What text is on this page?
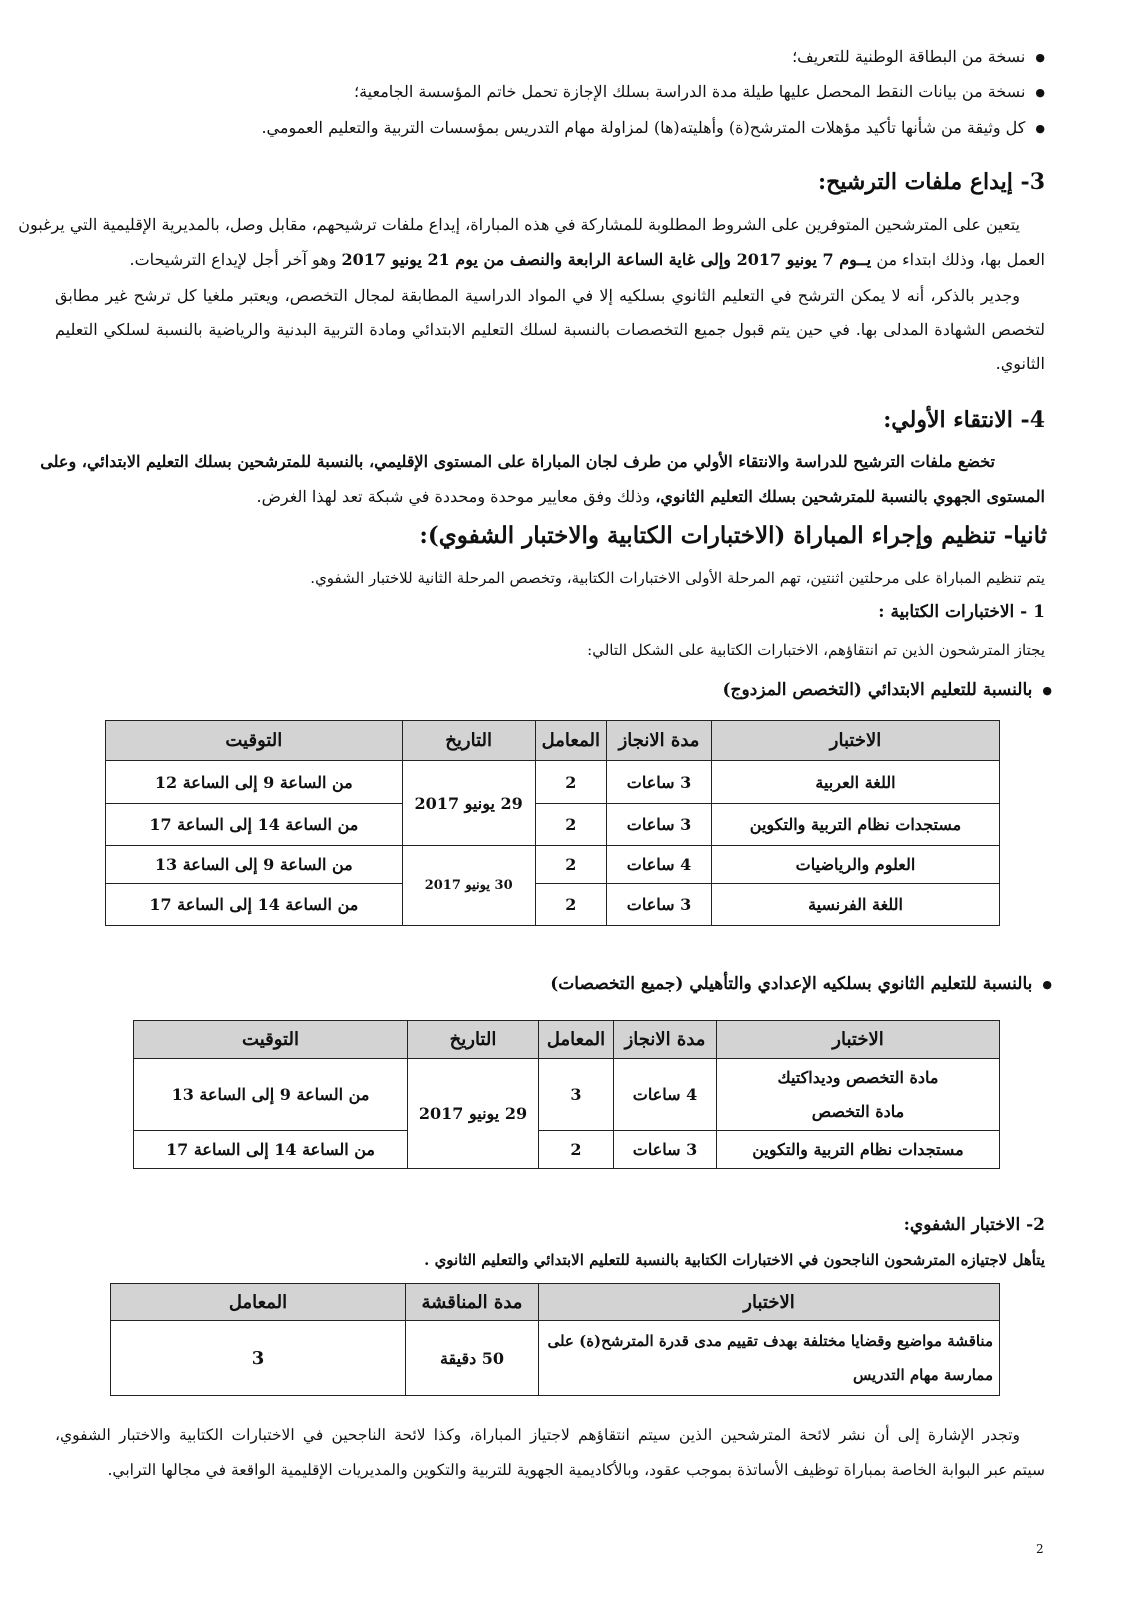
● نسخة من البطاقة الوطنية للتعريف؛
● نسخة من بيانات النقط المحصل عليها طيلة مدة الدراسة بسلك الإجازة تحمل خاتم المؤسسة الجامعية؛
● كل وثيقة من شأنها تأكيد مؤهلات المترشح(ة) وأهليته(ها) لمزاولة مهام التدريس بمؤسسات التربية والتعليم العمومي.
3- إيداع ملفات الترشيح:
يتعين على المترشحين المتوفرين على الشروط المطلوبة للمشاركة في هذه المباراة، إيداع ملفات ترشيحهم، مقابل وصل، بالمديرية الإقليمية التي يرغبون
العمل بها، وذلك ابتداء من يــوم 7 يونيو 2017 وإلى غاية الساعة الرابعة والنصف من يوم 21 يونيو 2017 وهو آخر أجل لإيداع الترشيحات.
وجدير بالذكر، أنه لا يمكن الترشح في التعليم الثانوي بسلكيه إلا في المواد الدراسية المطابقة لمجال التخصص، ويعتبر ملغيا كل ترشح غير مطابق
لتخصص الشهادة المدلى بها. في حين يتم قبول جميع التخصصات بالنسبة لسلك التعليم الابتدائي ومادة التربية البدنية والرياضية بالنسبة لسلكي التعليم
الثانوي.
4- الانتقاء الأولي:
تخضع ملفات الترشيح للدراسة والانتقاء الأولي من طرف لجان المباراة على المستوى الإقليمي، بالنسبة للمترشحين بسلك التعليم الابتدائي، وعلى
المستوى الجهوي بالنسبة للمترشحين بسلك التعليم الثانوي، وذلك وفق معايير موحدة ومحددة في شبكة تعد لهذا الغرض.
ثانيا- تنظيم وإجراء المباراة (الاختبارات الكتابية والاختبار الشفوي):
يتم تنظيم المباراة على مرحلتين اثنتين، تهم المرحلة الأولى الاختبارات الكتابية، وتخصص المرحلة الثانية للاختبار الشفوي.
1 - الاختبارات الكتابية :
يجتاز المترشحون الذين تم انتقاؤهم، الاختبارات الكتابية على الشكل التالي:
● بالنسبة للتعليم الابتدائي (التخصص المزدوج)
الاختبار	مدة الانجاز	المعامل	التاريخ	التوقيت
اللغة العربية	3 ساعات	2	29 يونيو 2017	من الساعة 9 إلى الساعة 12
مستجدات نظام التربية والتكوين	3 ساعات	2		من الساعة 14 إلى الساعة 17
العلوم والرياضيات	4 ساعات	2	30 يونيو 2017	من الساعة 9 إلى الساعة 13
اللغة الفرنسية	3 ساعات	2		من الساعة 14 إلى الساعة 17
● بالنسبة للتعليم الثانوي بسلكيه الإعدادي والتأهيلي (جميع التخصصات)
الاختبار	مدة الانجاز	المعامل	التاريخ	التوقيت

مادة التخصص وديداكتيك
مادة التخصص	4 ساعات	3	29 يونيو 2017	من الساعة 9 إلى الساعة 13
مستجدات نظام التربية والتكوين	3 ساعات	2		من الساعة 14 إلى الساعة 17
2- الاختبار الشفوي:
يتأهل لاجتيازه المترشحون الناجحون في الاختبارات الكتابية بالنسبة للتعليم الابتدائي والتعليم الثانوي .
الاختبار	مدة المناقشة	المعامل

مناقشة مواضيع وقضايا مختلفة بهدف تقييم مدى قدرة المترشح(ة) على
ممارسة مهام التدريس	50 دقيقة	3
وتجدر الإشارة إلى أن نشر لائحة المترشحين الذين سيتم انتقاؤهم لاجتياز المباراة، وكذا لائحة الناجحين في الاختبارات الكتابية والاختبار الشفوي،
سيتم عبر البوابة الخاصة بمباراة توظيف الأساتذة بموجب عقود، وبالأكاديمية الجهوية للتربية والتكوين والمديريات الإقليمية الواقعة في مجالها الترابي.
2
